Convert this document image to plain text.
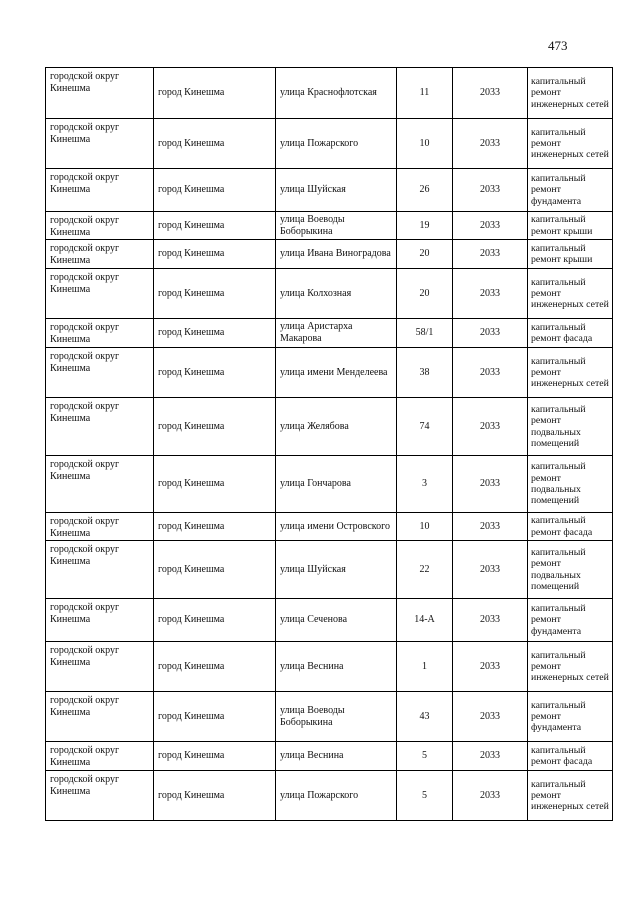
473
городской округ Кинешма	город Кинешма	улица Краснофлотская	11	2033	капитальный ремонт инженерных сетей
городской округ Кинешма	город Кинешма	улица Пожарского	10	2033	капитальный ремонт инженерных сетей
городской округ Кинешма	город Кинешма	улица Шуйская	26	2033	капитальный ремонт фундамента
городской округ Кинешма	город Кинешма	улица Воеводы Боборыкина	19	2033	капитальный ремонт крыши
городской округ Кинешма	город Кинешма	улица Ивана Виноградова	20	2033	капитальный ремонт крыши
городской округ Кинешма	город Кинешма	улица Колхозная	20	2033	капитальный ремонт инженерных сетей
городской округ Кинешма	город Кинешма	улица Аристарха Макарова	58/1	2033	капитальный ремонт фасада
городской округ Кинешма	город Кинешма	улица имени Менделеева	38	2033	капитальный ремонт инженерных сетей
городской округ Кинешма	город Кинешма	улица Желябова	74	2033	капитальный ремонт подвальных помещений
городской округ Кинешма	город Кинешма	улица Гончарова	3	2033	капитальный ремонт подвальных помещений
городской округ Кинешма	город Кинешма	улица имени Островского	10	2033	капитальный ремонт фасада
городской округ Кинешма	город Кинешма	улица Шуйская	22	2033	капитальный ремонт подвальных помещений
городской округ Кинешма	город Кинешма	улица Сеченова	14-А	2033	капитальный ремонт фундамента
городской округ Кинешма	город Кинешма	улица Веснина	1	2033	капитальный ремонт инженерных сетей
городской округ Кинешма	город Кинешма	улица Воеводы Боборыкина	43	2033	капитальный ремонт фундамента
городской округ Кинешма	город Кинешма	улица Веснина	5	2033	капитальный ремонт фасада
городской округ Кинешма	город Кинешма	улица Пожарского	5	2033	капитальный ремонт инженерных сетей
